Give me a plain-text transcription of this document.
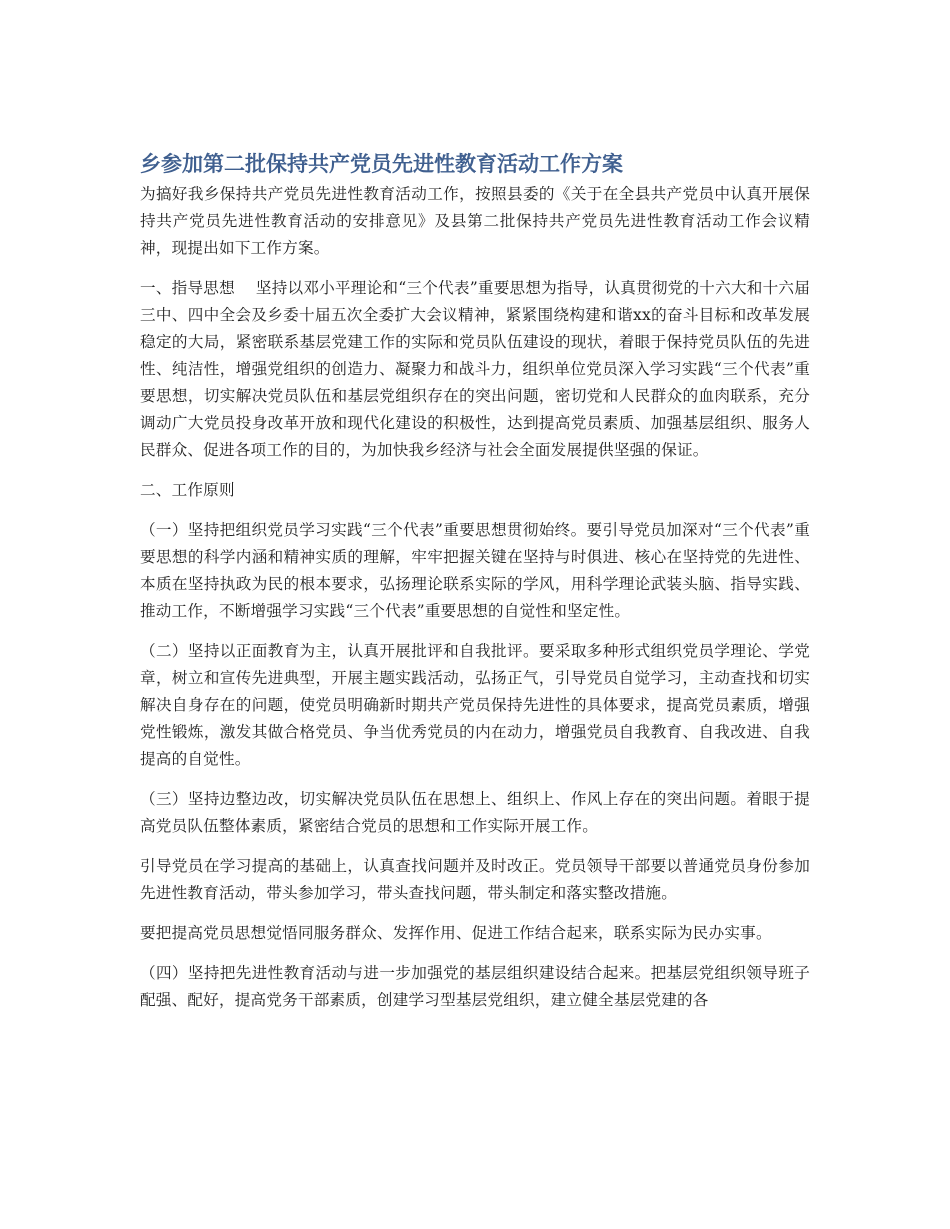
乡参加第二批保持共产党员先进性教育活动工作方案

为搞好我乡保持共产党员先进性教育活动工作，按照县委的《关于在全县共产党员中认真开展保持共产党员先进性教育活动的安排意见》及县第二批保持共产党员先进性教育活动工作会议精神，现提出如下工作方案。

一、指导思想　 坚持以邓小平理论和“三个代表”重要思想为指导，认真贯彻党的十六大和十六届三中、四中全会及乡委十届五次全委扩大会议精神，紧紧围绕构建和谐xx的奋斗目标和改革发展稳定的大局，紧密联系基层党建工作的实际和党员队伍建设的现状，着眼于保持党员队伍的先进性、纯洁性，增强党组织的创造力、凝聚力和战斗力，组织单位党员深入学习实践“三个代表”重要思想，切实解决党员队伍和基层党组织存在的突出问题，密切党和人民群众的血肉联系，充分调动广大党员投身改革开放和现代化建设的积极性，达到提高党员素质、加强基层组织、服务人民群众、促进各项工作的目的，为加快我乡经济与社会全面发展提供坚强的保证。

二、工作原则

（一）坚持把组织党员学习实践“三个代表”重要思想贯彻始终。要引导党员加深对“三个代表”重要思想的科学内涵和精神实质的理解，牢牢把握关键在坚持与时俱进、核心在坚持党的先进性、本质在坚持执政为民的根本要求，弘扬理论联系实际的学风，用科学理论武装头脑、指导实践、推动工作，不断增强学习实践“三个代表”重要思想的自觉性和坚定性。

（二）坚持以正面教育为主，认真开展批评和自我批评。要采取多种形式组织党员学理论、学党章，树立和宣传先进典型，开展主题实践活动，弘扬正气，引导党员自觉学习，主动查找和切实解决自身存在的问题，使党员明确新时期共产党员保持先进性的具体要求，提高党员素质，增强党性锻炼，激发其做合格党员、争当优秀党员的内在动力，增强党员自我教育、自我改进、自我提高的自觉性。

（三）坚持边整边改，切实解决党员队伍在思想上、组织上、作风上存在的突出问题。着眼于提高党员队伍整体素质，紧密结合党员的思想和工作实际开展工作。

引导党员在学习提高的基础上，认真查找问题并及时改正。党员领导干部要以普通党员身份参加先进性教育活动，带头参加学习，带头查找问题，带头制定和落实整改措施。

要把提高党员思想觉悟同服务群众、发挥作用、促进工作结合起来，联系实际为民办实事。

（四）坚持把先进性教育活动与进一步加强党的基层组织建设结合起来。把基层党组织领导班子配强、配好，提高党务干部素质，创建学习型基层党组织，建立健全基层党建的各
